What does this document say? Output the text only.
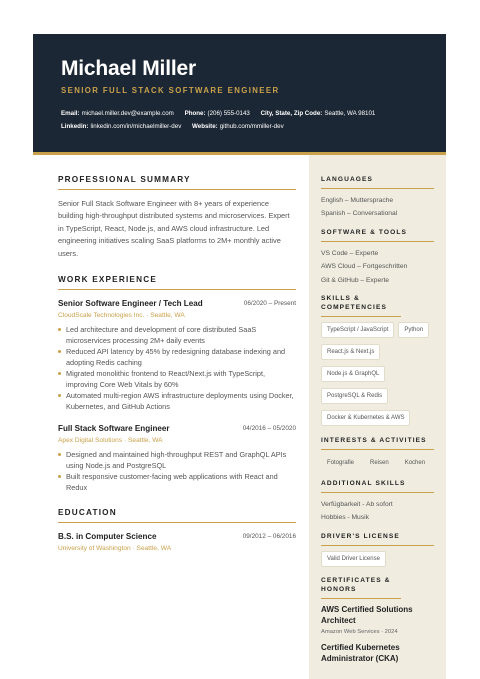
Michael Miller
SENIOR FULL STACK SOFTWARE ENGINEER
Email: michael.miller.dev@example.com Phone: (206) 555-0143 City, State, Zip Code: Seattle, WA 98101
Linkedin: linkedin.com/in/michaelmiller-dev Website: github.com/mmiller-dev
PROFESSIONAL SUMMARY
Senior Full Stack Software Engineer with 8+ years of experience building high-throughput distributed systems and microservices. Expert in TypeScript, React, Node.js, and AWS cloud infrastructure. Led engineering initiatives scaling SaaS platforms to 2M+ monthly active users.
WORK EXPERIENCE
Senior Software Engineer / Tech Lead	06/2020 – Present
CloudScale Technologies Inc. · Seattle, WA
Led architecture and development of core distributed SaaS microservices processing 2M+ daily events
Reduced API latency by 45% by redesigning database indexing and adopting Redis caching
Migrated monolithic frontend to React/Next.js with TypeScript, improving Core Web Vitals by 60%
Automated multi-region AWS infrastructure deployments using Docker, Kubernetes, and GitHub Actions
Full Stack Software Engineer	04/2016 – 05/2020
Apex Digital Solutions · Seattle, WA
Designed and maintained high-throughput REST and GraphQL APIs using Node.js and PostgreSQL
Built responsive customer-facing web applications with React and Redux
EDUCATION
B.S. in Computer Science	09/2012 – 06/2016
University of Washington · Seattle, WA
LANGUAGES
English – Muttersprache
Spanish – Conversational
SOFTWARE & TOOLS
VS Code – Experte
AWS Cloud – Fortgeschritten
Git & GitHub – Experte
SKILLS & COMPETENCIES
TypeScript / JavaScript	Python
React.js & Next.js
Node.js & GraphQL
PostgreSQL & Redis
Docker & Kubernetes & AWS
INTERESTS & ACTIVITIES
Fotografie	Reisen	Kochen
ADDITIONAL SKILLS
Verfügbarkeit - Ab sofort
Hobbies - Musik
DRIVER'S LICENSE
Valid Driver License
CERTIFICATES & HONORS
AWS Certified Solutions Architect
Amazon Web Services · 2024
Certified Kubernetes Administrator (CKA)
